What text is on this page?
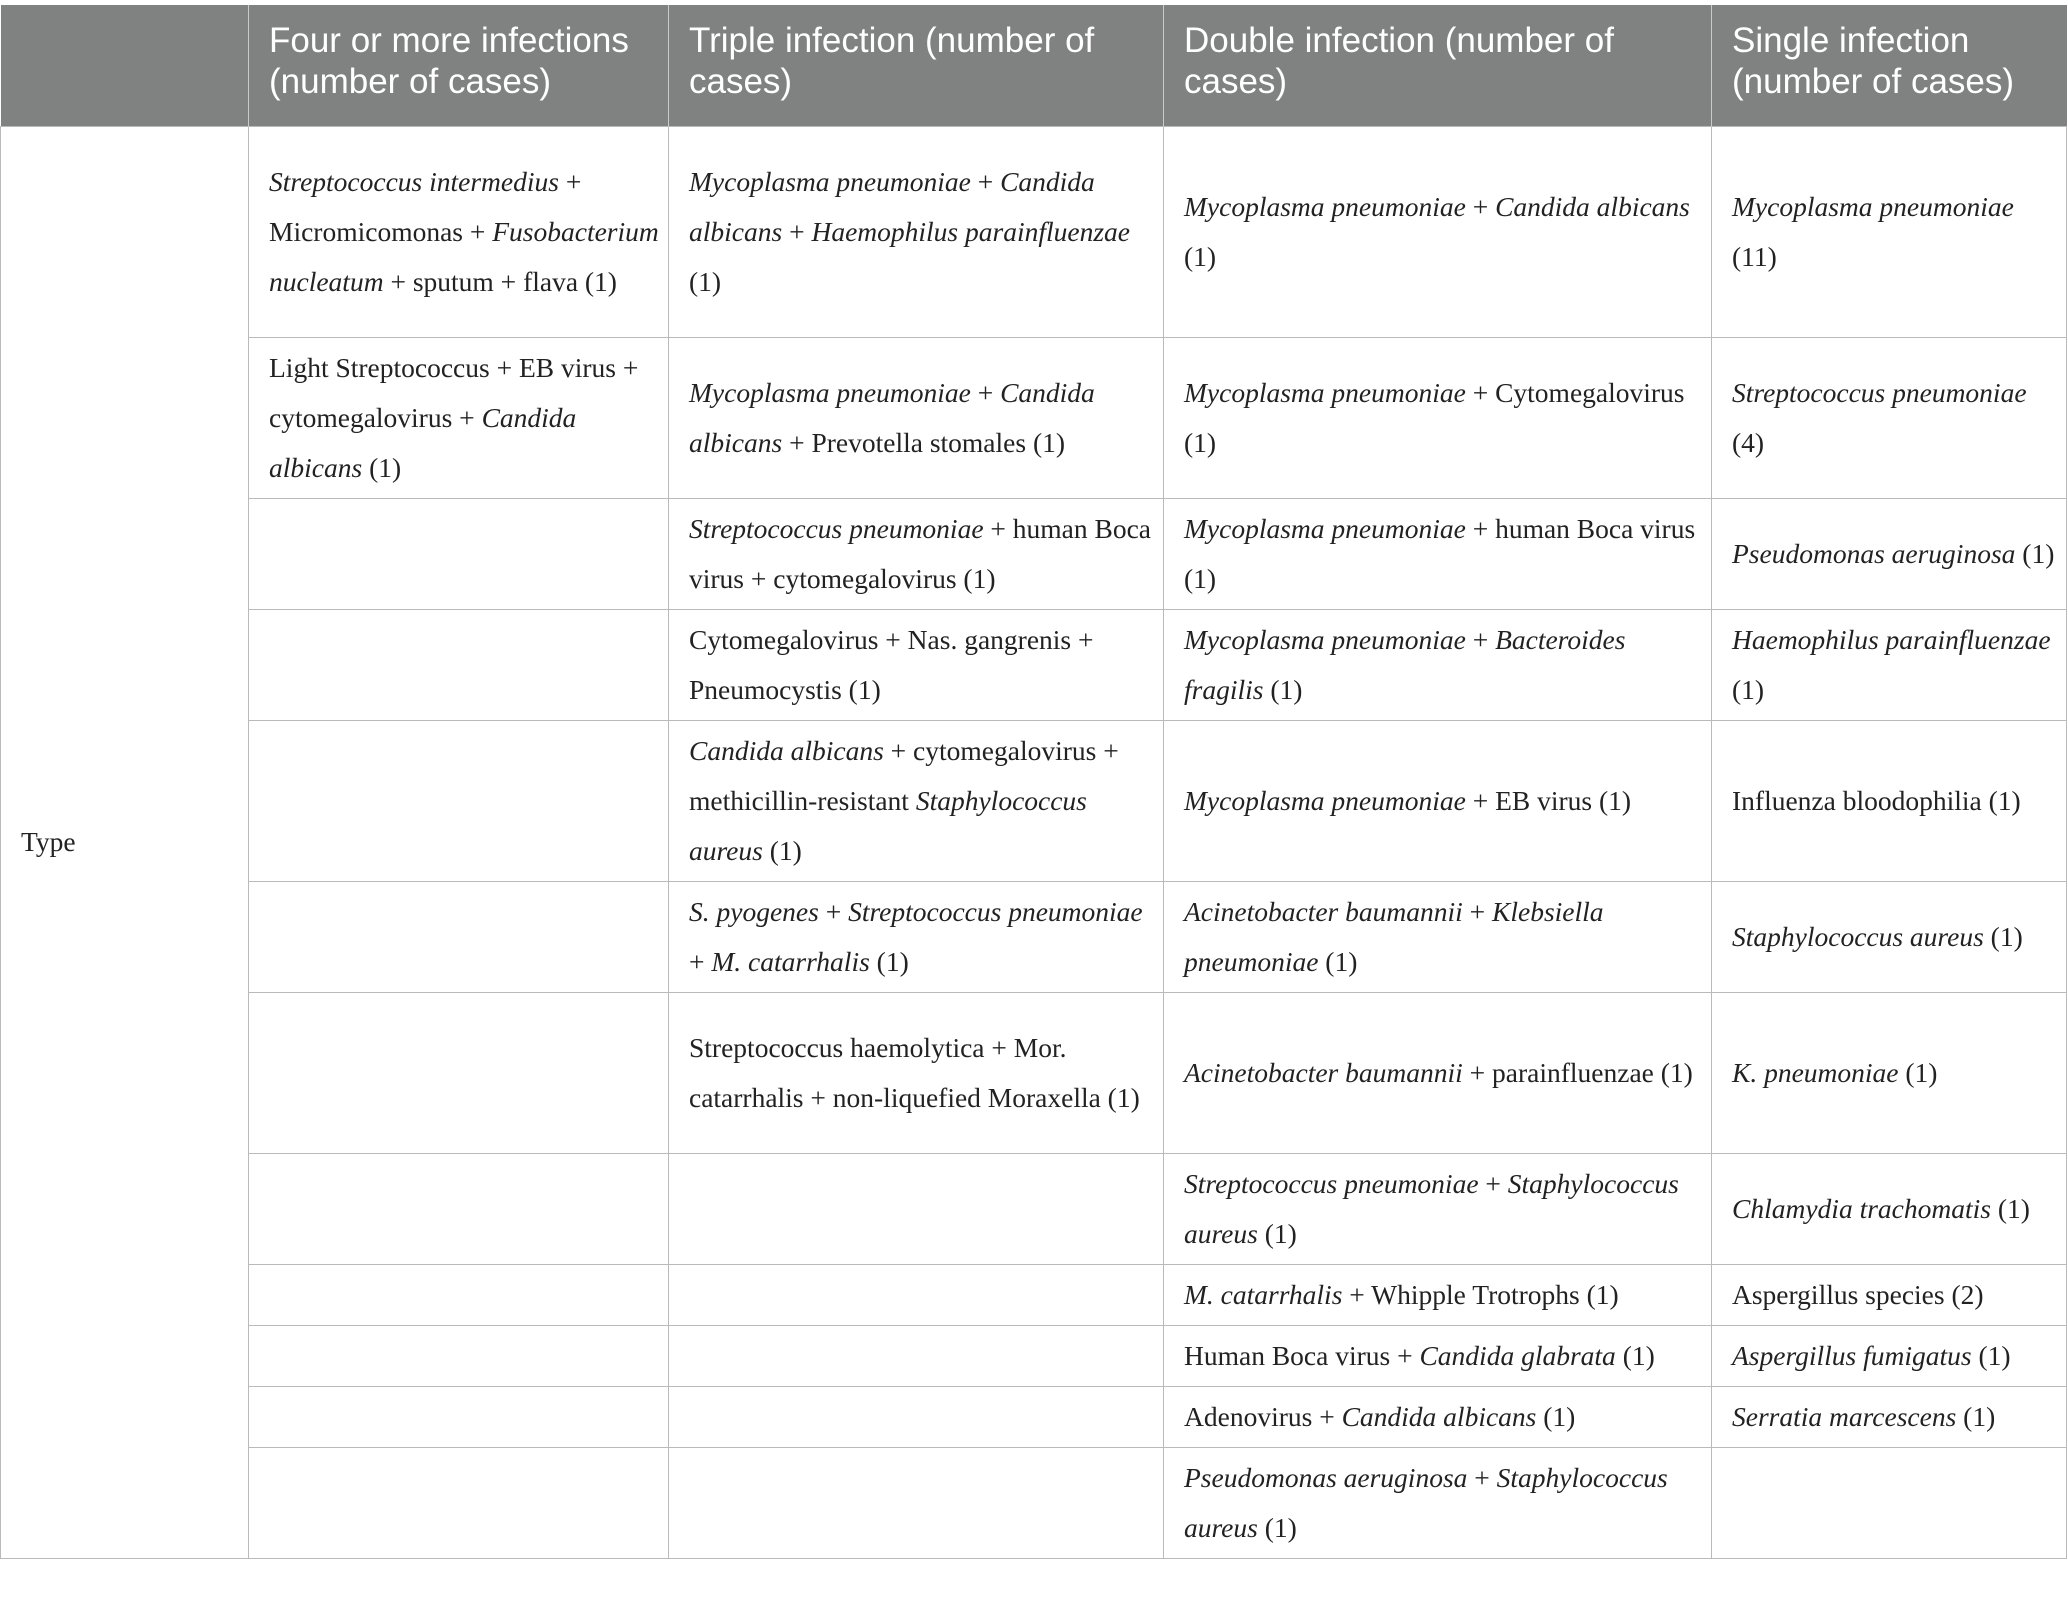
	Four or more infections (number of cases)	Triple infection (number of cases)	Double infection (number of cases)	Single infection (number of cases)
Type	Streptococcus intermedius + Micromicomonas + Fusobacterium nucleatum + sputum + flava (1)	Mycoplasma pneumoniae + Candida albicans + Haemophilus parainfluenzae (1)	Mycoplasma pneumoniae + Candida albicans (1)	Mycoplasma pneumoniae (11)
	Light Streptococcus + EB virus + cytomegalovirus + Candida albicans (1)	Mycoplasma pneumoniae + Candida albicans + Prevotella stomales (1)	Mycoplasma pneumoniae + Cytomegalovirus (1)	Streptococcus pneumoniae (4)
		Streptococcus pneumoniae + human Boca virus + cytomegalovirus (1)	Mycoplasma pneumoniae + human Boca virus (1)	Pseudomonas aeruginosa (1)
		Cytomegalovirus + Nas. gangrenis + Pneumocystis (1)	Mycoplasma pneumoniae + Bacteroides fragilis (1)	Haemophilus parainfluenzae (1)
		Candida albicans + cytomegalovirus + methicillin-resistant Staphylococcus aureus (1)	Mycoplasma pneumoniae + EB virus (1)	Influenza bloodophilia (1)
		S. pyogenes + Streptococcus pneumoniae + M. catarrhalis (1)	Acinetobacter baumannii + Klebsiella pneumoniae (1)	Staphylococcus aureus (1)
		Streptococcus haemolytica + Mor. catarrhalis + non-liquefied Moraxella (1)	Acinetobacter baumannii + parainfluenzae (1)	K. pneumoniae (1)
			Streptococcus pneumoniae + Staphylococcus aureus (1)	Chlamydia trachomatis (1)
			M. catarrhalis + Whipple Trotrophs (1)	Aspergillus species (2)
			Human Boca virus + Candida glabrata (1)	Aspergillus fumigatus (1)
			Adenovirus + Candida albicans (1)	Serratia marcescens (1)
			Pseudomonas aeruginosa + Staphylococcus aureus (1)	
